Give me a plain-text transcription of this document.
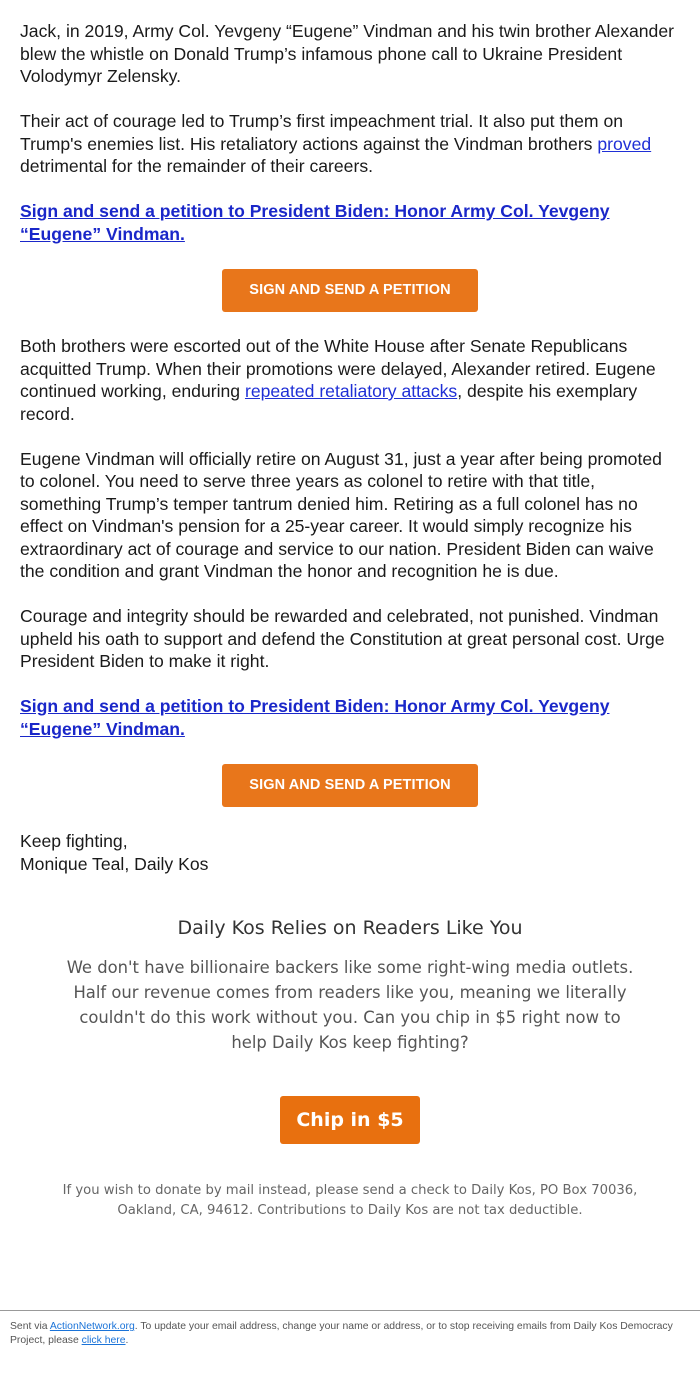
Jack, in 2019, Army Col. Yevgeny “Eugene” Vindman and his twin brother Alexander blew the whistle on Donald Trump’s infamous phone call to Ukraine President Volodymyr Zelensky.

Their act of courage led to Trump’s first impeachment trial. It also put them on Trump's enemies list. His retaliatory actions against the Vindman brothers proved detrimental for the remainder of their careers.

Sign and send a petition to President Biden: Honor Army Col. Yevgeny “Eugene” Vindman.
SIGN AND SEND A PETITION

Both brothers were escorted out of the White House after Senate Republicans acquitted Trump. When their promotions were delayed, Alexander retired. Eugene continued working, enduring repeated retaliatory attacks, despite his exemplary record.

Eugene Vindman will officially retire on August 31, just a year after being promoted to colonel. You need to serve three years as colonel to retire with that title, something Trump’s temper tantrum denied him. Retiring as a full colonel has no effect on Vindman's pension for a 25-year career. It would simply recognize his extraordinary act of courage and service to our nation. President Biden can waive the condition and grant Vindman the honor and recognition he is due.

Courage and integrity should be rewarded and celebrated, not punished. Vindman upheld his oath to support and defend the Constitution at great personal cost. Urge President Biden to make it right.

Sign and send a petition to President Biden: Honor Army Col. Yevgeny “Eugene” Vindman.
SIGN AND SEND A PETITION
Keep fighting,
Monique Teal, Daily Kos
Daily Kos Relies on Readers Like You
We don't have billionaire backers like some right-wing media outlets. Half our revenue comes from readers like you, meaning we literally couldn't do this work without you. Can you chip in $5 right now to help Daily Kos keep fighting?
Chip in $5
If you wish to donate by mail instead, please send a check to Daily Kos, PO Box 70036, Oakland, CA, 94612. Contributions to Daily Kos are not tax deductible.
Sent via ActionNetwork.org. To update your email address, change your name or address, or to stop receiving emails from Daily Kos Democracy Project, please click here.
